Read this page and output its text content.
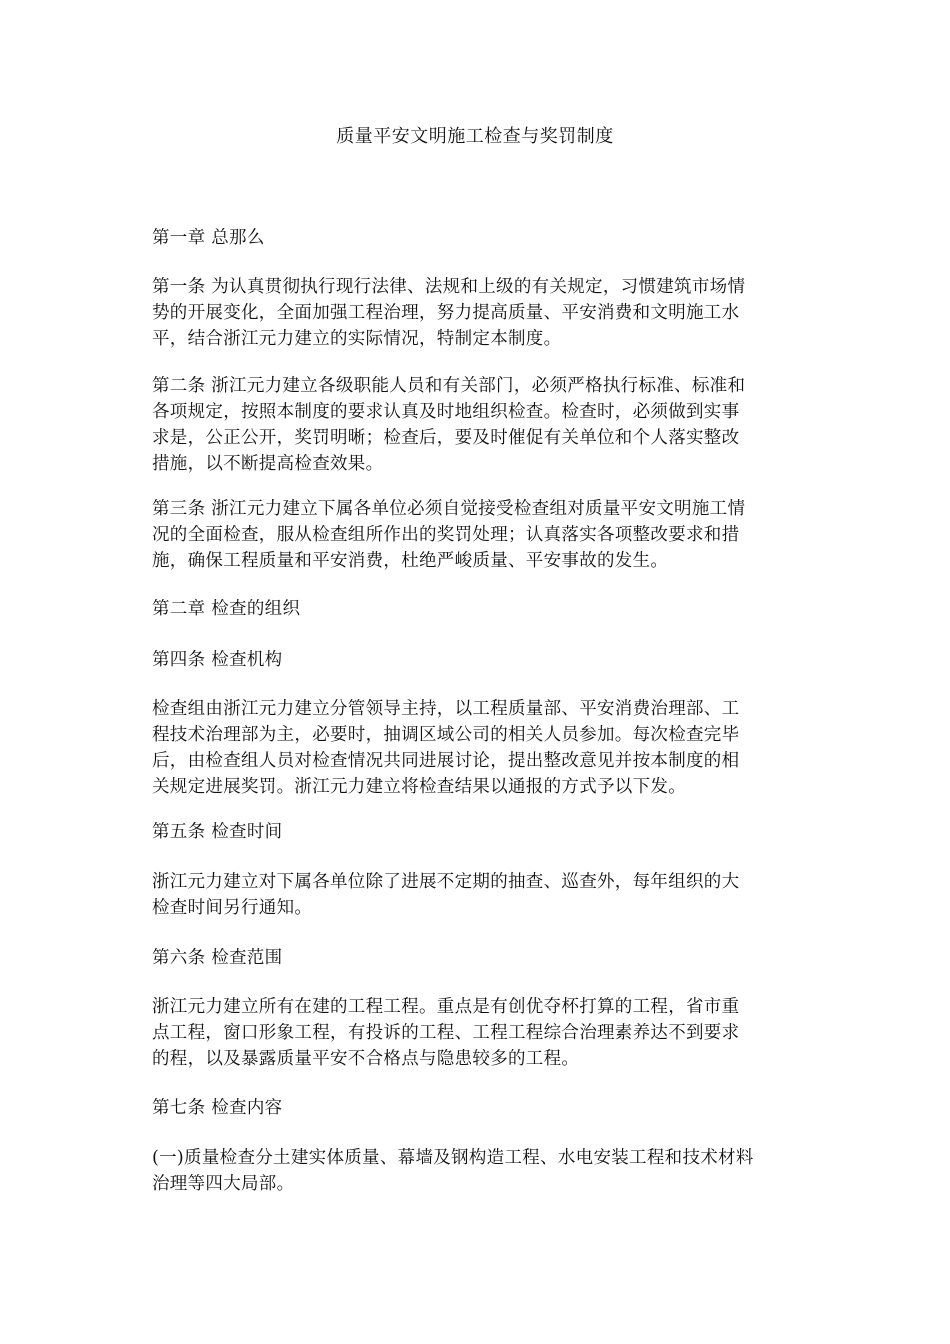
质量平安文明施工检查与奖罚制度
第一章 总那么
第一条 为认真贯彻执行现行法律、法规和上级的有关规定，习惯建筑市场情
势的开展变化，全面加强工程治理，努力提高质量、平安消费和文明施工水
平，结合浙江元力建立的实际情况，特制定本制度。
第二条 浙江元力建立各级职能人员和有关部门，必须严格执行标准、标准和
各项规定，按照本制度的要求认真及时地组织检查。检查时，必须做到实事
求是，公正公开，奖罚明晰；检查后，要及时催促有关单位和个人落实整改
措施，以不断提高检查效果。
第三条 浙江元力建立下属各单位必须自觉接受检查组对质量平安文明施工情
况的全面检查，服从检查组所作出的奖罚处理；认真落实各项整改要求和措
施，确保工程质量和平安消费，杜绝严峻质量、平安事故的发生。
第二章 检查的组织
第四条 检查机构
检查组由浙江元力建立分管领导主持，以工程质量部、平安消费治理部、工
程技术治理部为主，必要时，抽调区域公司的相关人员参加。每次检查完毕
后，由检查组人员对检查情况共同进展讨论，提出整改意见并按本制度的相
关规定进展奖罚。浙江元力建立将检查结果以通报的方式予以下发。
第五条 检查时间
浙江元力建立对下属各单位除了进展不定期的抽查、巡查外，每年组织的大
检查时间另行通知。
第六条 检查范围
浙江元力建立所有在建的工程工程。重点是有创优夺杯打算的工程，省市重
点工程，窗口形象工程，有投诉的工程、工程工程综合治理素养达不到要求
的程，以及暴露质量平安不合格点与隐患较多的工程。
第七条 检查内容
(一)质量检查分土建实体质量、幕墙及钢构造工程、水电安装工程和技术材料
治理等四大局部。
